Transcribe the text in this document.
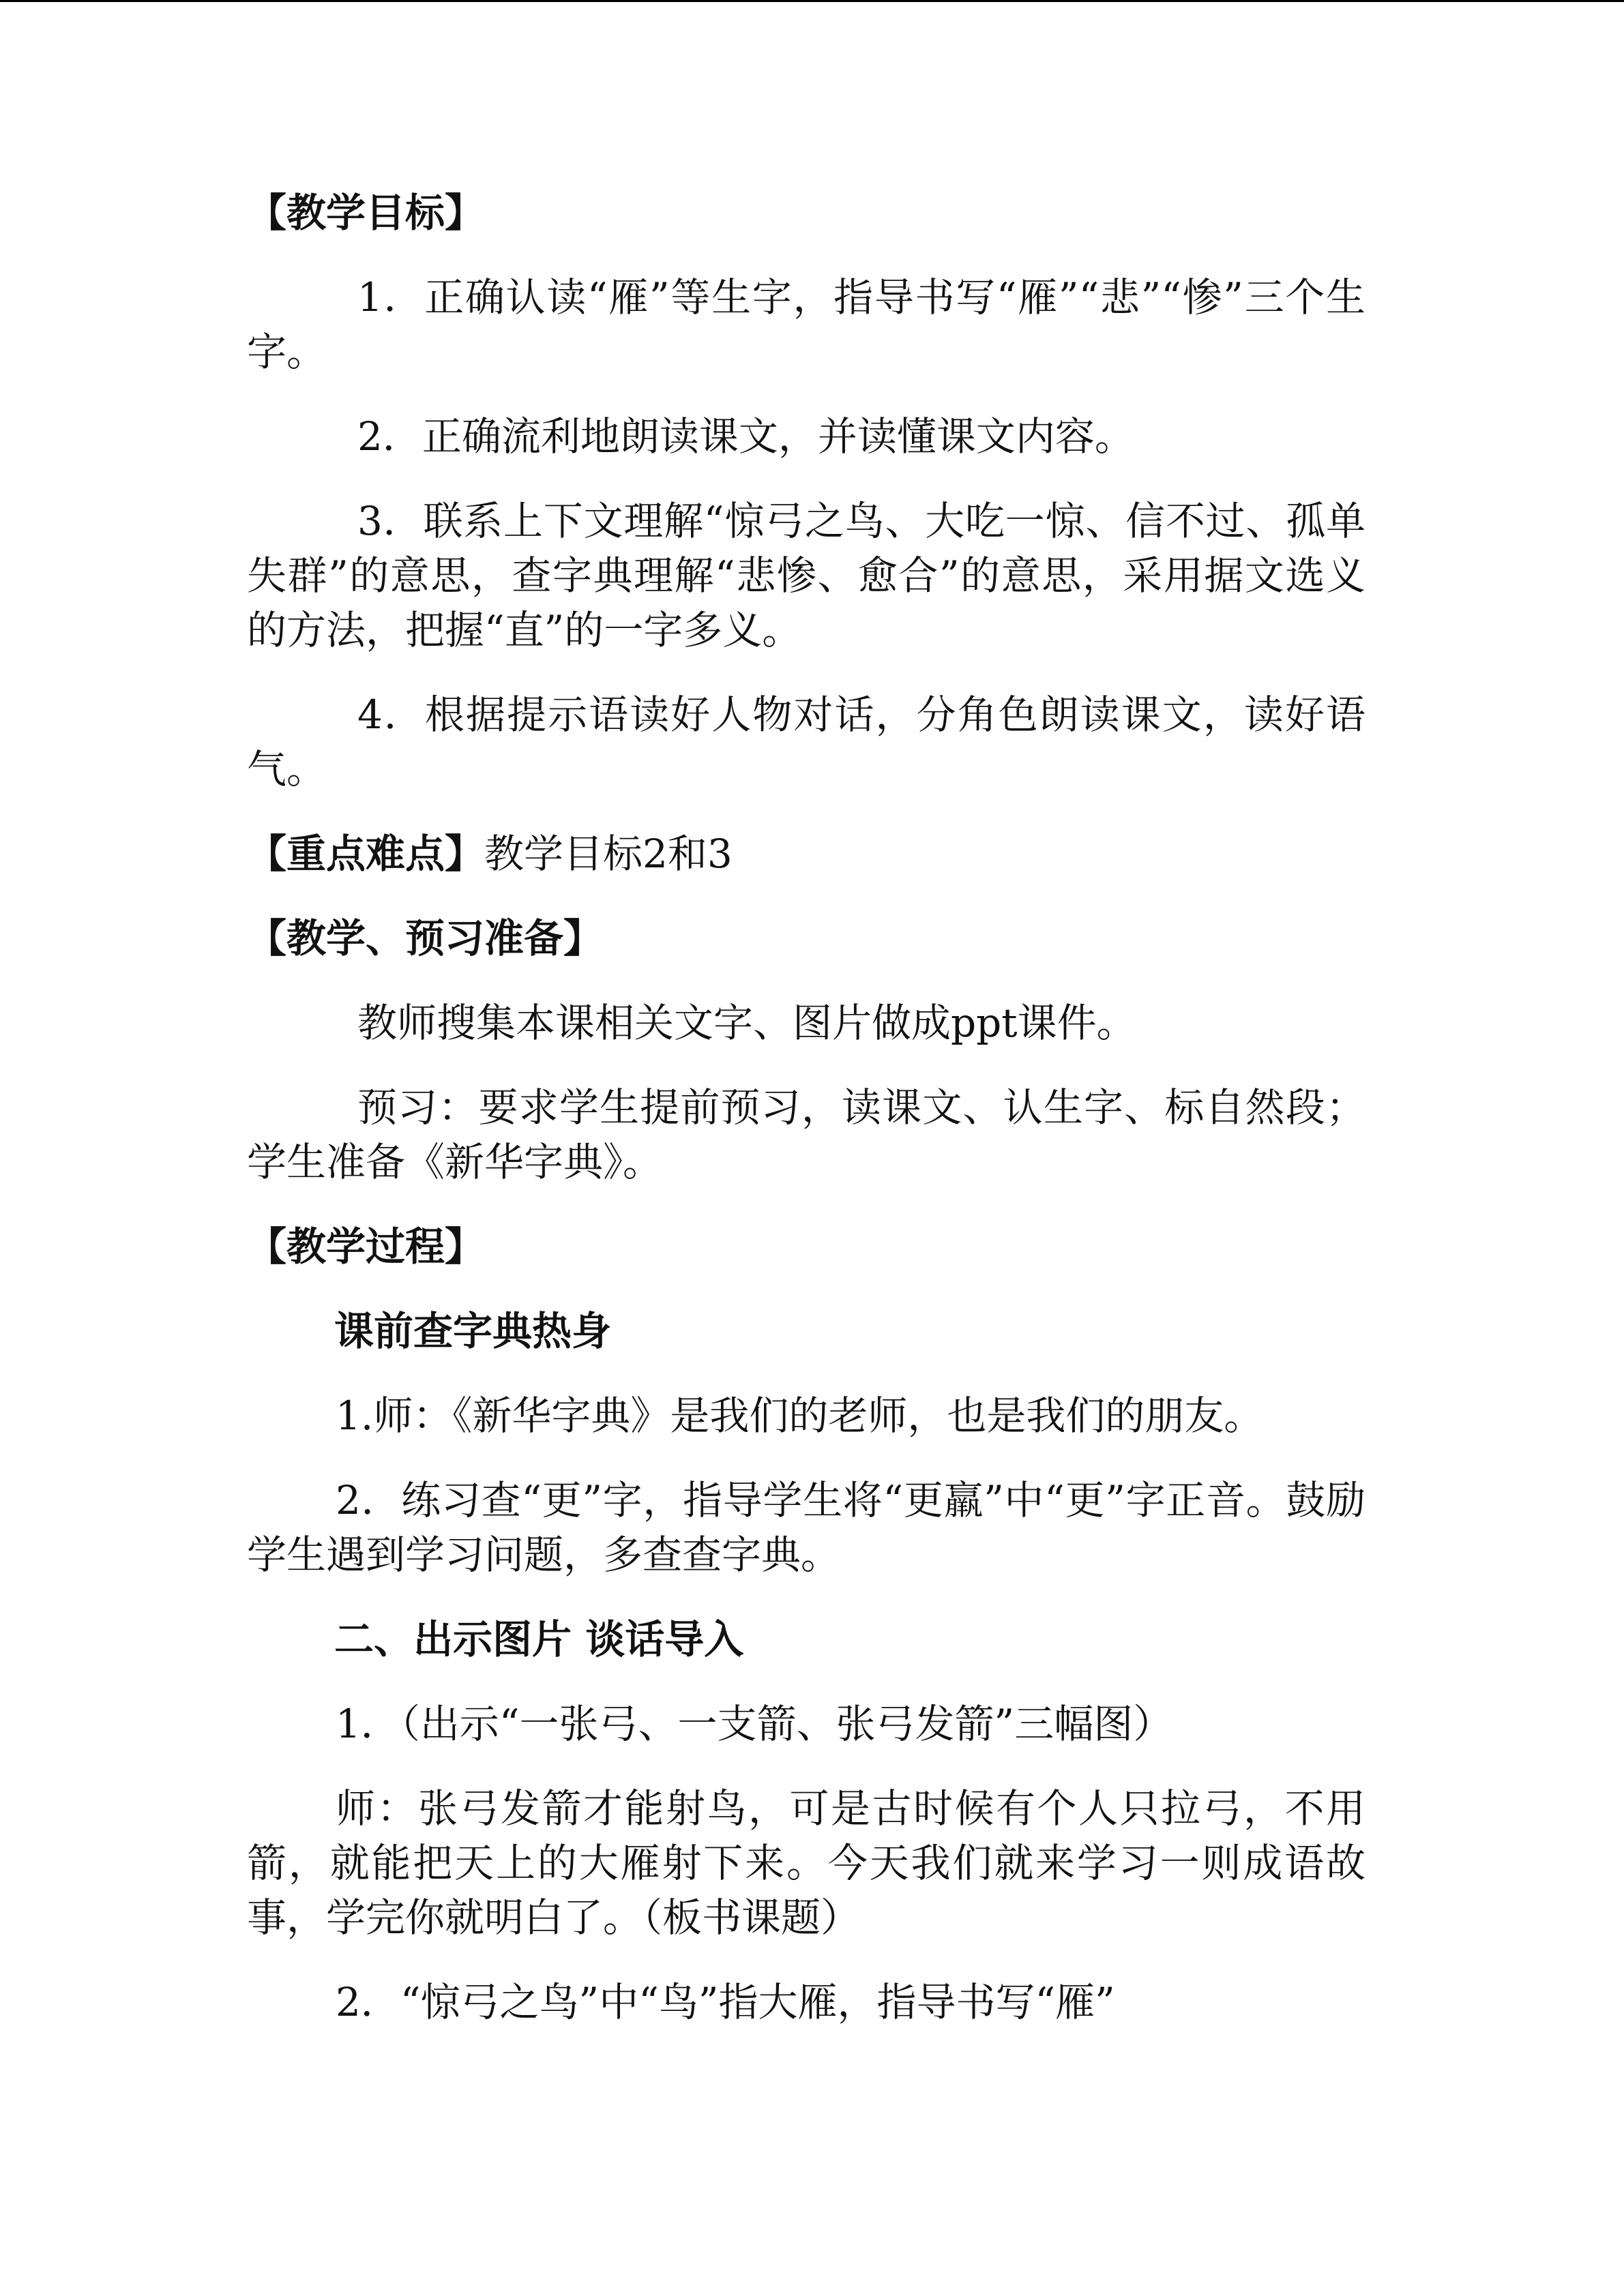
【教学目标】

1．正确认读“雁”等生字，指导书写“雁”“悲”“惨”三个生字。

2．正确流利地朗读课文，并读懂课文内容。

3．联系上下文理解“惊弓之鸟、大吃一惊、信不过、孤单失群”的意思，查字典理解“悲惨、愈合”的意思，采用据文选义的方法，把握“直”的一字多义。

4．根据提示语读好人物对话，分角色朗读课文，读好语气。

【重点难点】教学目标2和3

【教学、预习准备】

教师搜集本课相关文字、图片做成ppt课件。

预习：要求学生提前预习，读课文、认生字、标自然段；学生准备《新华字典》。

【教学过程】

课前查字典热身

1.师：《新华字典》是我们的老师，也是我们的朋友。

2．练习查“更”字，指导学生将“更羸”中“更”字正音。鼓励学生遇到学习问题，多查查字典。

二、出示图片 谈话导入

1．（出示“一张弓、一支箭、张弓发箭”三幅图）

师：张弓发箭才能射鸟，可是古时候有个人只拉弓，不用箭，就能把天上的大雁射下来。今天我们就来学习一则成语故事，学完你就明白了。（板书课题）

2．“惊弓之鸟”中“鸟”指大雁，指导书写“雁”
